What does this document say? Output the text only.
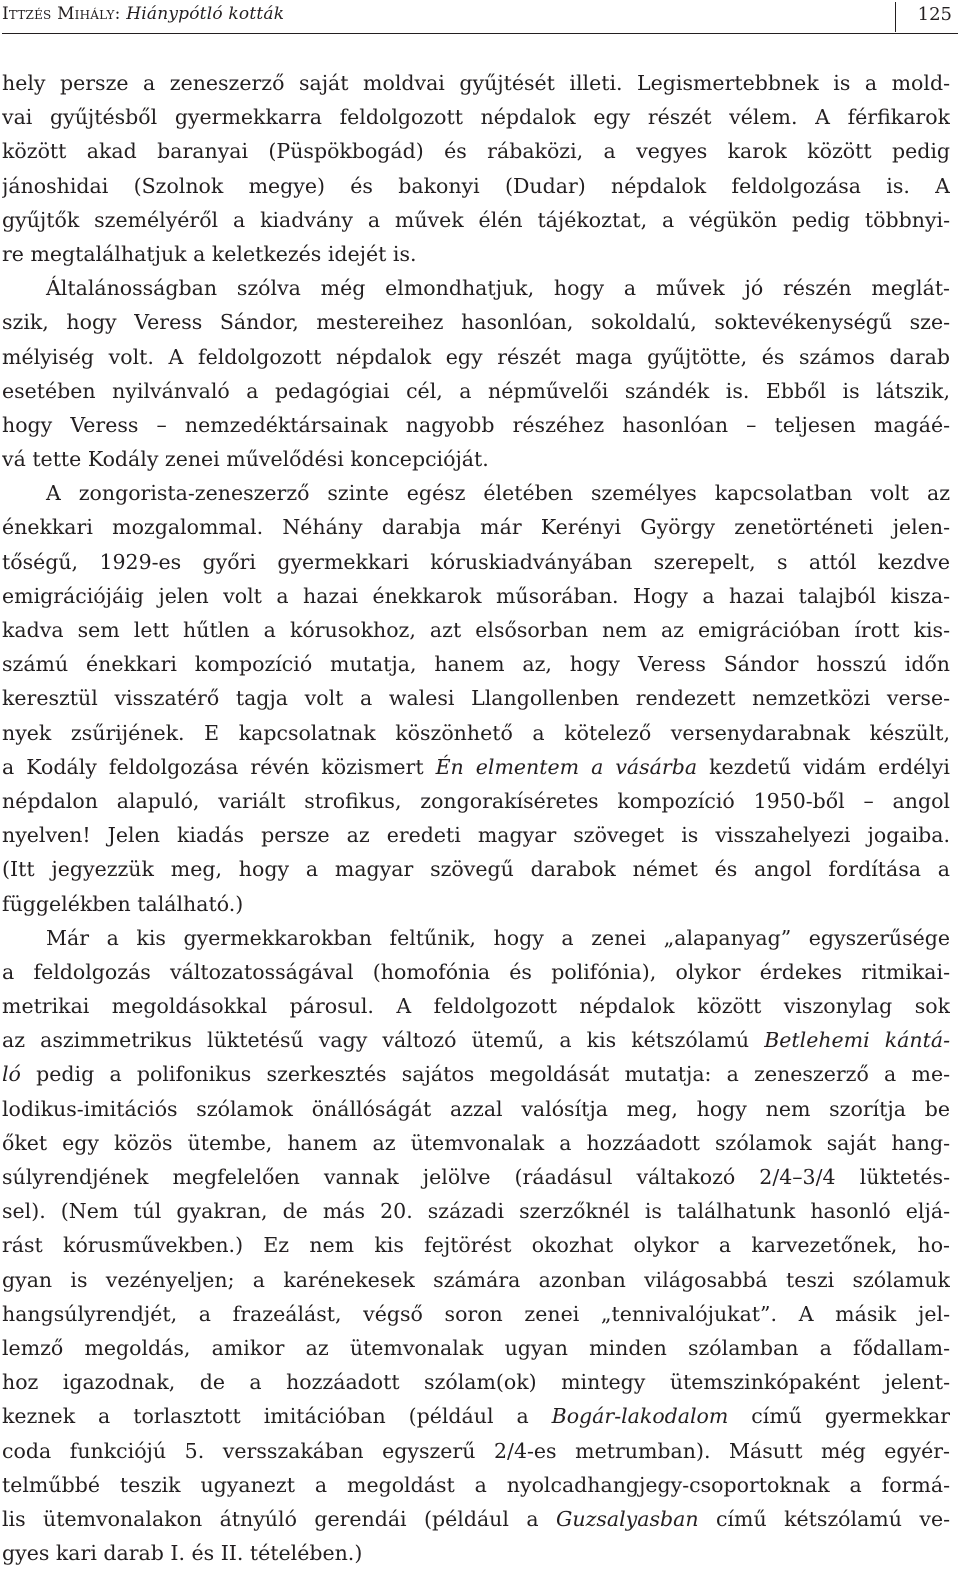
Ittzés Mihály: Hiánypótló kották	125
hely persze a zeneszerző saját moldvai gyűjtését illeti. Legismertebbnek is a mold-
vai gyűjtésből gyermekkarra feldolgozott népdalok egy részét vélem. A férfikarok
között akad baranyai (Püspökbogád) és rábaközi, a vegyes karok között pedig
jánoshidai (Szolnok megye) és bakonyi (Dudar) népdalok feldolgozása is. A
gyűjtők személyéről a kiadvány a művek élén tájékoztat, a végükön pedig többnyi-
re megtalálhatjuk a keletkezés idejét is.
Általánosságban szólva még elmondhatjuk, hogy a művek jó részén meglát-
szik, hogy Veress Sándor, mestereihez hasonlóan, sokoldalú, soktevékenységű sze-
mélyiség volt. A feldolgozott népdalok egy részét maga gyűjtötte, és számos darab
esetében nyilvánvaló a pedagógiai cél, a népművelői szándék is. Ebből is látszik,
hogy Veress – nemzedéktársainak nagyobb részéhez hasonlóan – teljesen magáé-
vá tette Kodály zenei művelődési koncepcióját.
A zongorista-zeneszerző szinte egész életében személyes kapcsolatban volt az
énekkari mozgalommal. Néhány darabja már Kerényi György zenetörténeti jelen-
tőségű, 1929-es győri gyermekkari kóruskiadványában szerepelt, s attól kezdve
emigrációjáig jelen volt a hazai énekkarok műsorában. Hogy a hazai talajból kisza-
kadva sem lett hűtlen a kórusokhoz, azt elsősorban nem az emigrációban írott kis-
számú énekkari kompozíció mutatja, hanem az, hogy Veress Sándor hosszú időn
keresztül visszatérő tagja volt a walesi Llangollenben rendezett nemzetközi verse-
nyek zsűrijének. E kapcsolatnak köszönhető a kötelező versenydarabnak készült,
a Kodály feldolgozása révén közismert Én elmentem a vásárba kezdetű vidám erdélyi
népdalon alapuló, variált strofikus, zongorakíséretes kompozíció 1950-ből – angol
nyelven! Jelen kiadás persze az eredeti magyar szöveget is visszahelyezi jogaiba.
(Itt jegyezzük meg, hogy a magyar szövegű darabok német és angol fordítása a
függelékben található.)
Már a kis gyermekkarokban feltűnik, hogy a zenei „alapanyag” egyszerűsége
a feldolgozás változatosságával (homofónia és polifónia), olykor érdekes ritmikai-
metrikai megoldásokkal párosul. A feldolgozott népdalok között viszonylag sok
az aszimmetrikus lüktetésű vagy változó ütemű, a kis kétszólamú Betlehemi kántá-
ló pedig a polifonikus szerkesztés sajátos megoldását mutatja: a zeneszerző a me-
lodikus-imitációs szólamok önállóságát azzal valósítja meg, hogy nem szorítja be
őket egy közös ütembe, hanem az ütemvonalak a hozzáadott szólamok saját hang-
súlyrendjének megfelelően vannak jelölve (ráadásul váltakozó 2/4–3/4 lüktetés-
sel). (Nem túl gyakran, de más 20. századi szerzőknél is találhatunk hasonló eljá-
rást kórusművekben.) Ez nem kis fejtörést okozhat olykor a karvezetőnek, ho-
gyan is vezényeljen; a karénekesek számára azonban világosabbá teszi szólamuk
hangsúlyrendjét, a frazeálást, végső soron zenei „tennivalójukat”. A másik jel-
lemző megoldás, amikor az ütemvonalak ugyan minden szólamban a fődallam-
hoz igazodnak, de a hozzáadott szólam(ok) mintegy ütemszinkópaként jelent-
keznek a torlasztott imitációban (például a Bogár-lakodalom című gyermekkar
coda funkciójú 5. versszakában egyszerű 2/4-es metrumban). Másutt még egyér-
telműbbé teszik ugyanezt a megoldást a nyolcadhangjegy-csoportoknak a formá-
lis ütemvonalakon átnyúló gerendái (például a Guzsalyasban című kétszólamú ve-
gyes kari darab I. és II. tételében.)
